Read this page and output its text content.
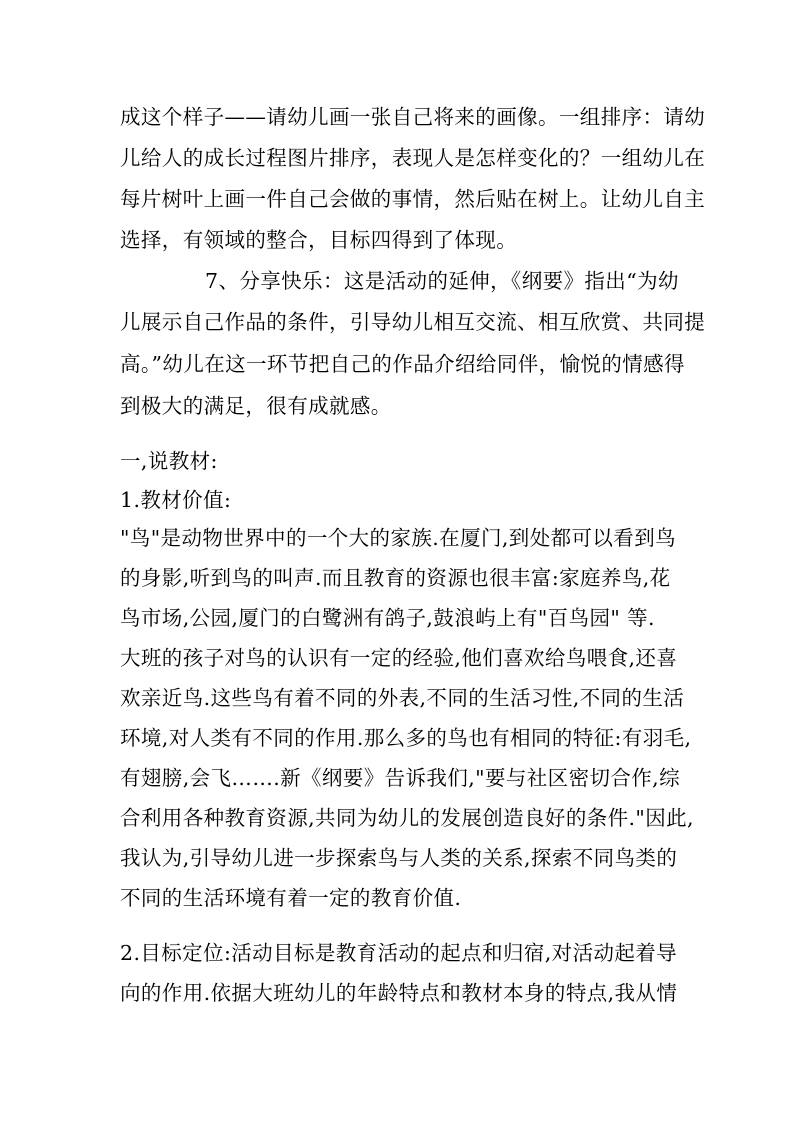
成这个样子——请幼儿画一张自己将来的画像。一组排序：请幼
儿给人的成长过程图片排序，表现人是怎样变化的？一组幼儿在
每片树叶上画一件自己会做的事情，然后贴在树上。让幼儿自主
选择，有领域的整合，目标四得到了体现。
7、分享快乐：这是活动的延伸，《纲要》指出“为幼
儿展示自己作品的条件，引导幼儿相互交流、相互欣赏、共同提
高。”幼儿在这一环节把自己的作品介绍给同伴，愉悦的情感得
到极大的满足，很有成就感。
一,说教材:
1.教材价值:
"鸟"是动物世界中的一个大的家族.在厦门,到处都可以看到鸟
的身影,听到鸟的叫声.而且教育的资源也很丰富:家庭养鸟,花
鸟市场,公园,厦门的白鹭洲有鸽子,鼓浪屿上有"百鸟园" 等.
大班的孩子对鸟的认识有一定的经验,他们喜欢给鸟喂食,还喜
欢亲近鸟.这些鸟有着不同的外表,不同的生活习性,不同的生活
环境,对人类有不同的作用.那么多的鸟也有相同的特征:有羽毛,
有翅膀,会飞…….新《纲要》告诉我们,"要与社区密切合作,综
合利用各种教育资源,共同为幼儿的发展创造良好的条件."因此,
我认为,引导幼儿进一步探索鸟与人类的关系,探索不同鸟类的
不同的生活环境有着一定的教育价值.
2.目标定位:活动目标是教育活动的起点和归宿,对活动起着导
向的作用.依据大班幼儿的年龄特点和教材本身的特点,我从情
